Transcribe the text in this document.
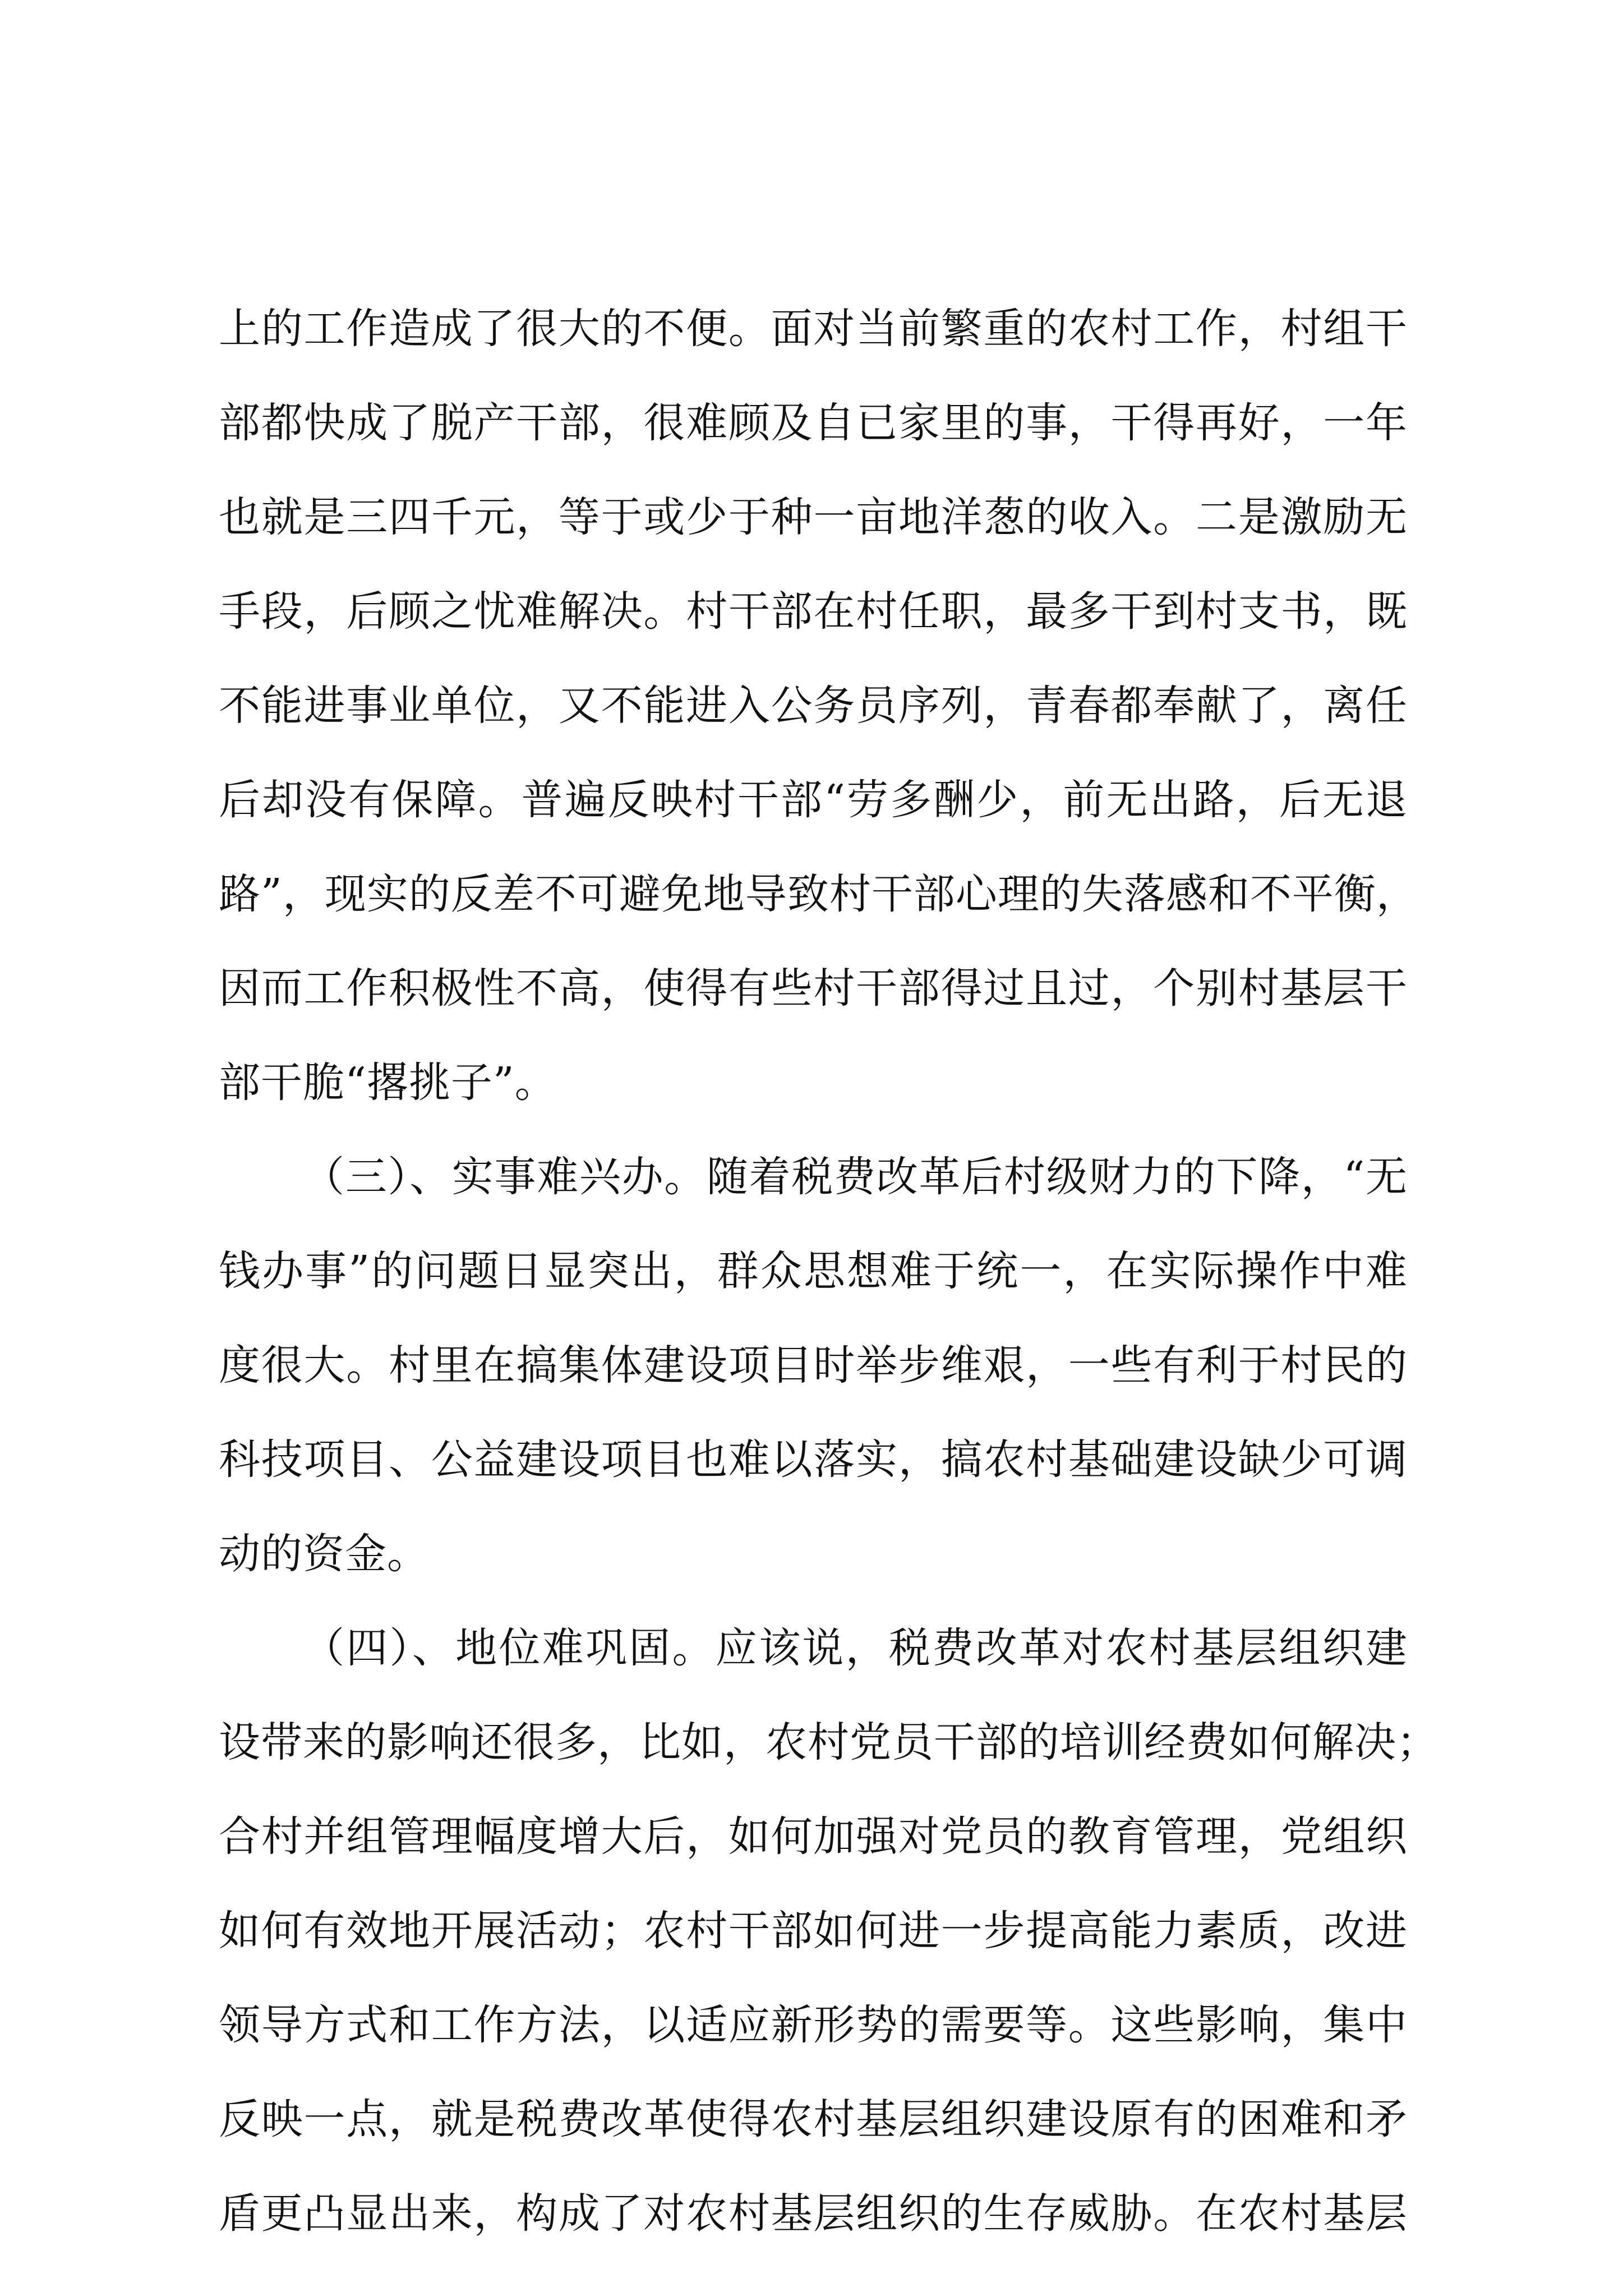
上的工作造成了很大的不便。面对当前繁重的农村工作，村组干
部都快成了脱产干部，很难顾及自已家里的事，干得再好，一年
也就是三四千元，等于或少于种一亩地洋葱的收入。二是激励无
手段，后顾之忧难解决。村干部在村任职，最多干到村支书，既
不能进事业单位，又不能进入公务员序列，青春都奉献了，离任
后却没有保障。普遍反映村干部“劳多酬少，前无出路，后无退
路”，现实的反差不可避免地导致村干部心理的失落感和不平衡，
因而工作积极性不高，使得有些村干部得过且过，个别村基层干
部干脆“撂挑子”。
（三）、实事难兴办。随着税费改革后村级财力的下降，“无
钱办事”的问题日显突出，群众思想难于统一，在实际操作中难
度很大。村里在搞集体建设项目时举步维艰，一些有利于村民的
科技项目、公益建设项目也难以落实，搞农村基础建设缺少可调
动的资金。
（四）、地位难巩固。应该说，税费改革对农村基层组织建
设带来的影响还很多，比如，农村党员干部的培训经费如何解决；
合村并组管理幅度增大后，如何加强对党员的教育管理，党组织
如何有效地开展活动；农村干部如何进一步提高能力素质，改进
领导方式和工作方法，以适应新形势的需要等。这些影响，集中
反映一点，就是税费改革使得农村基层组织建设原有的困难和矛
盾更凸显出来，构成了对农村基层组织的生存威胁。在农村基层
